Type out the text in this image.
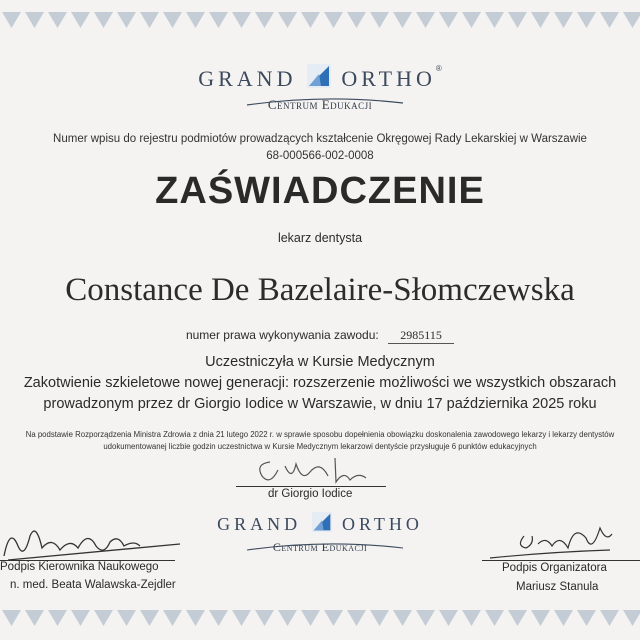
GRAND ORTHO®
Centrum Edukacji
Numer wpisu do rejestru podmiotów prowadzących kształcenie Okręgowej Rady Lekarskiej w Warszawie
68-000566-002-0008
ZAŚWIADCZENIE
lekarz dentysta
Constance De Bazelaire-Słomczewska
numer prawa wykonywania zawodu: 2985115
Uczestniczyła w Kursie Medycznym
Zakotwienie szkieletowe nowej generacji: rozszerzenie możliwości we wszystkich obszarach
prowadzonym przez dr Giorgio Iodice w Warszawie, w dniu 17 października 2025 roku
Na podstawie Rozporządzenia Ministra Zdrowia z dnia 21 lutego 2022 r. w sprawie sposobu dopełnienia obowiązku doskonalenia zawodowego lekarzy i lekarzy dentystów
udokumentowanej liczbie godzin uczestnictwa w Kursie Medycznym lekarzowi dentyście przysługuje 6 punktów edukacyjnych
dr Giorgio Iodice
GRAND ORTHO
Centrum Edukacji
Podpis Kierownika Naukowego
n. med. Beata Walawska-Zejdler
Podpis Organizatora
Mariusz Stanula
